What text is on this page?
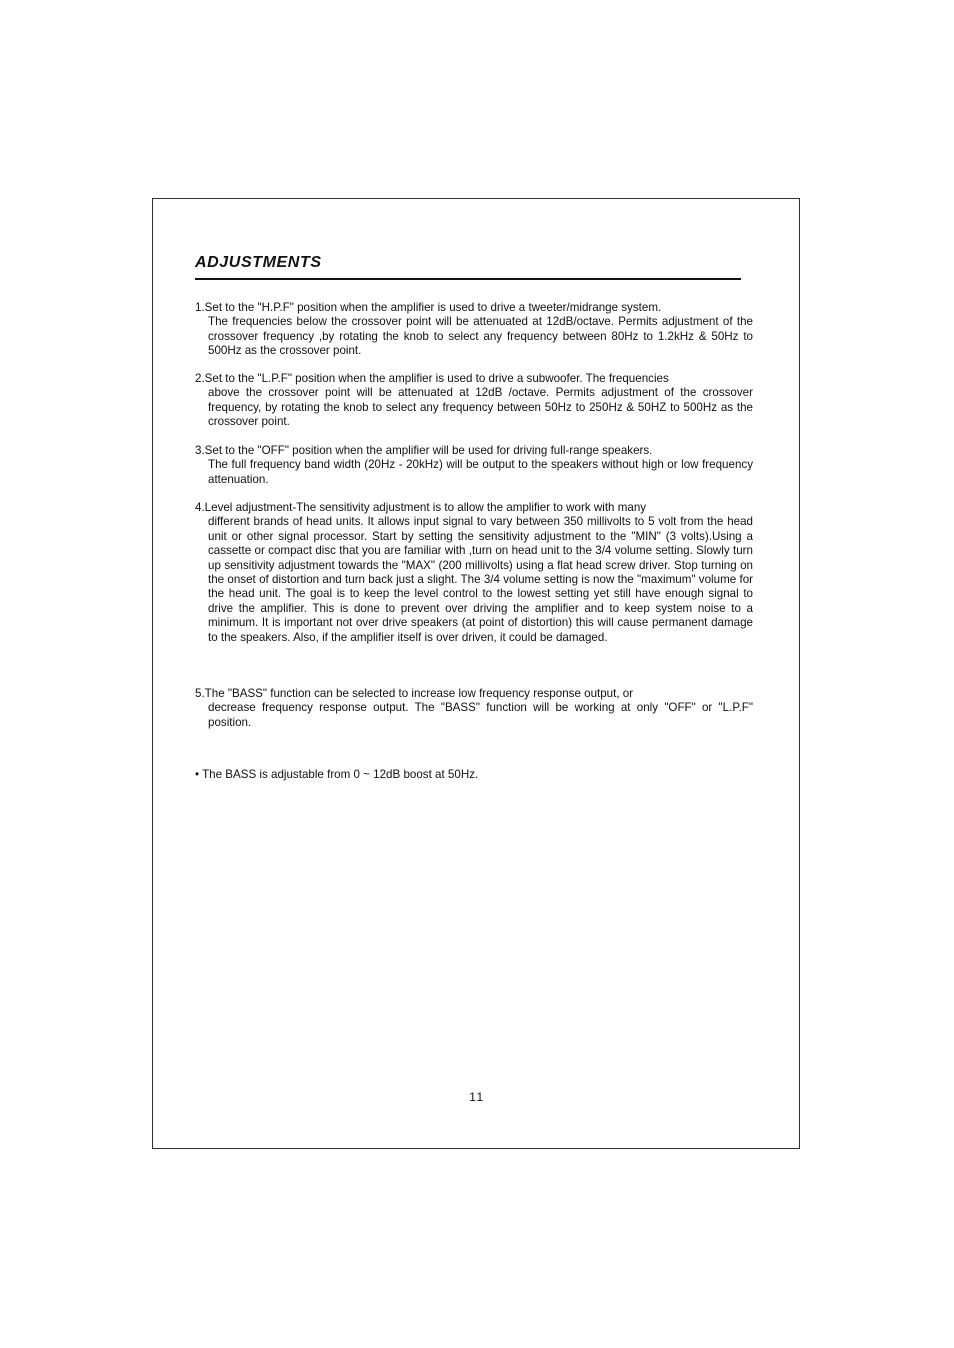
ADJUSTMENTS

1.Set to the "H.P.F" position when the amplifier is used to drive a tweeter/midrange system.
The frequencies below the crossover point will be attenuated at 12dB/octave. Permits adjustment of the crossover frequency ,by rotating the knob to select any frequency between 80Hz to 1.2kHz & 50Hz to 500Hz as the crossover point.

2.Set to the "L.P.F" position when the amplifier is used to drive a subwoofer. The frequencies
above the crossover point will be attenuated at 12dB /octave. Permits adjustment of the crossover frequency, by rotating the knob to select any frequency between 50Hz to 250Hz & 50HZ to 500Hz as the crossover point.

3.Set to the "OFF" position when the amplifier will be used for driving full-range speakers.
The full frequency band width (20Hz - 20kHz) will be output to the speakers without high or low frequency attenuation.

4.Level adjustment-The sensitivity adjustment is to allow the amplifier to work with many
different brands of head units. It allows input signal to vary between 350 millivolts to 5 volt from the head unit or other signal processor. Start by setting the sensitivity adjustment to the "MIN" (3 volts).Using a cassette or compact disc that you are familiar with ,turn on head unit to the 3/4 volume setting. Slowly turn up sensitivity adjustment towards the "MAX" (200 millivolts) using a flat head screw driver. Stop turning on the onset of distortion and turn back just a slight. The 3/4 volume setting is now the "maximum" volume for the head unit. The goal is to keep the level control to the lowest setting yet still have enough signal to drive the amplifier. This is done to prevent over driving the amplifier and to keep system noise to a minimum. It is important not over drive speakers (at point of distortion) this will cause permanent damage to the speakers. Also, if the amplifier itself is over driven, it could be damaged.

5.The "BASS" function can be selected to increase low frequency response output, or
decrease frequency response output. The "BASS" function will be working at only "OFF" or "L.P.F" position.

• The BASS is adjustable from 0 ~ 12dB boost at 50Hz.

11
